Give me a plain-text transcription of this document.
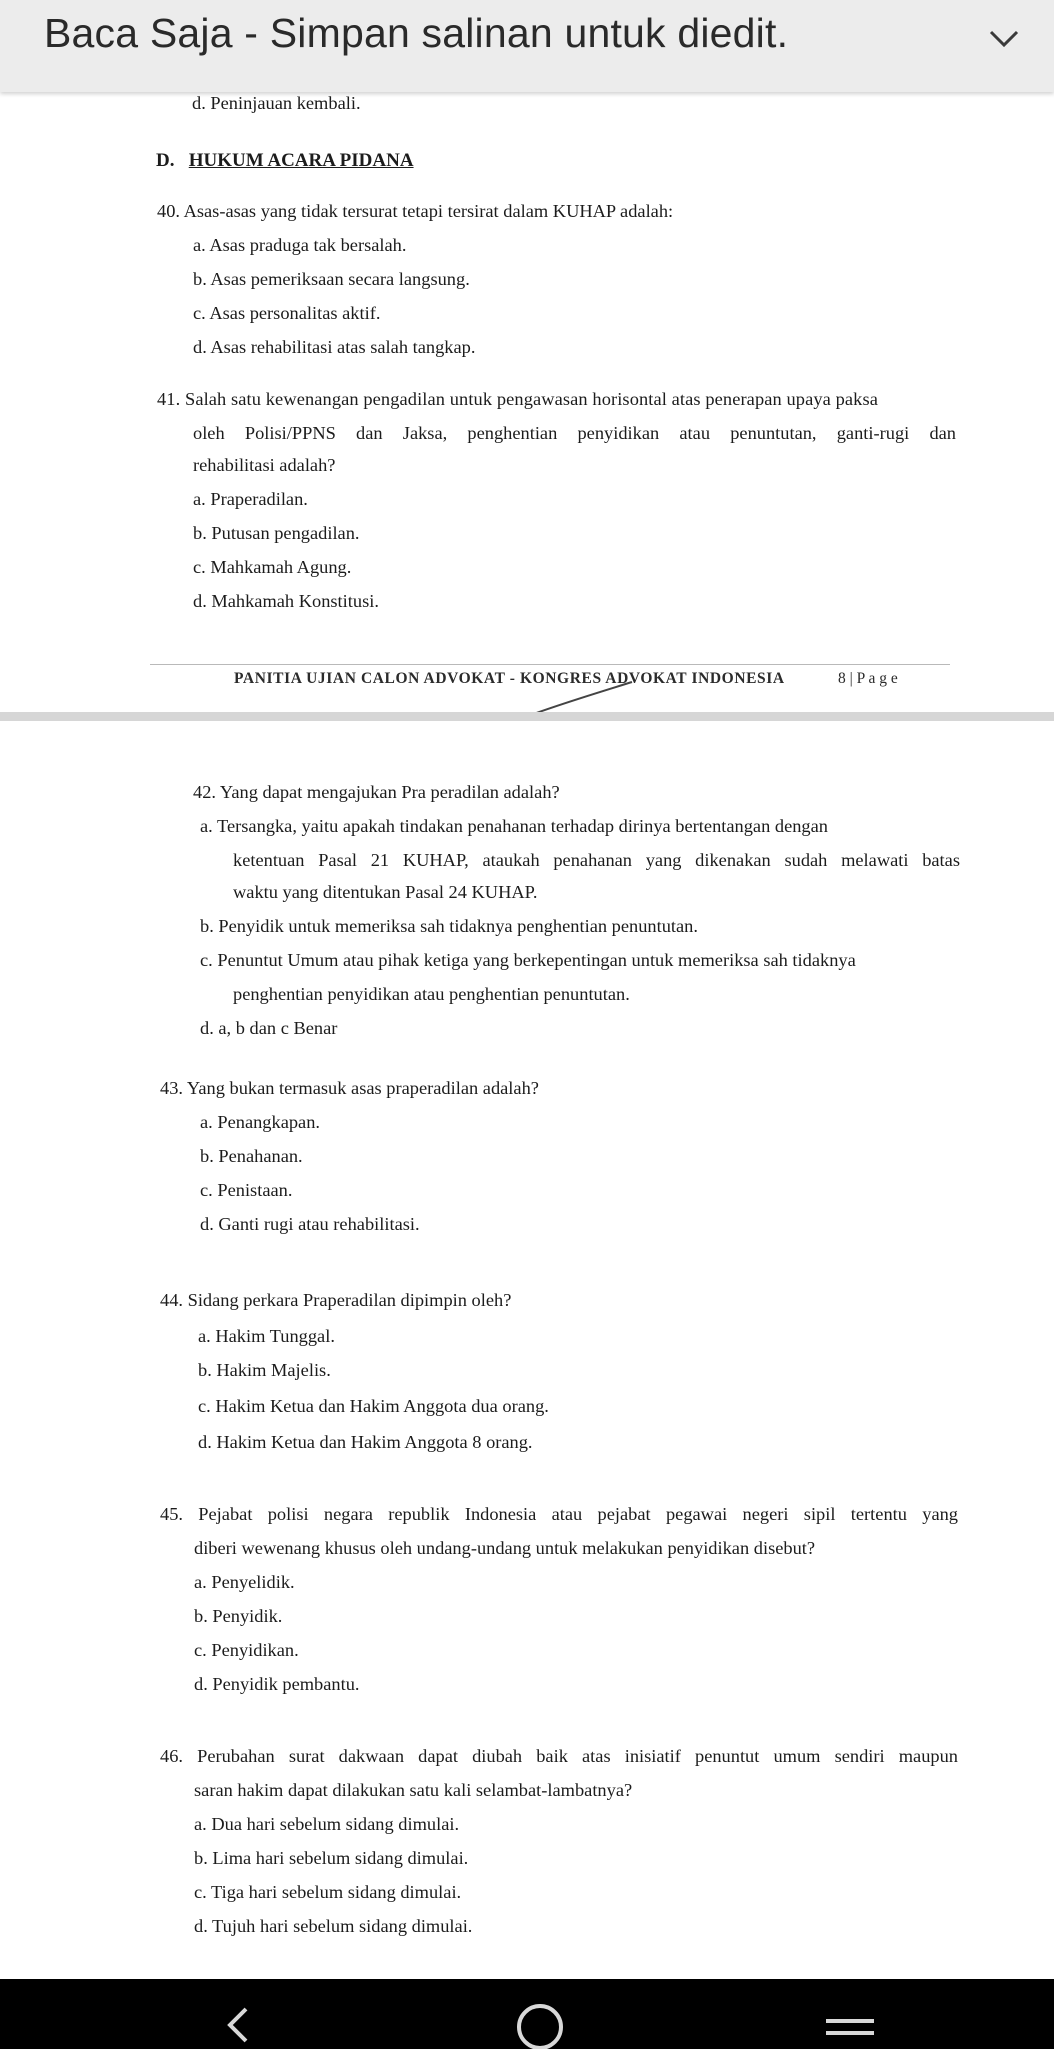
Baca Saja - Simpan salinan untuk diedit.
d. Peninjauan kembali.
D. HUKUM ACARA PIDANA
40. Asas-asas yang tidak tersurat tetapi tersirat dalam KUHAP adalah:
a. Asas praduga tak bersalah.
b. Asas pemeriksaan secara langsung.
c. Asas personalitas aktif.
d. Asas rehabilitasi atas salah tangkap.
41. Salah satu kewenangan pengadilan untuk pengawasan horisontal atas penerapan upaya paksa
oleh Polisi/PPNS dan Jaksa, penghentian penyidikan atau penuntutan, ganti-rugi dan
rehabilitasi adalah?
a. Praperadilan.
b. Putusan pengadilan.
c. Mahkamah Agung.
d. Mahkamah Konstitusi.
PANITIA UJIAN CALON ADVOKAT - KONGRES ADVOKAT INDONESIA	8 | P a g e
42. Yang dapat mengajukan Pra peradilan adalah?
a. Tersangka, yaitu apakah tindakan penahanan terhadap dirinya bertentangan dengan
ketentuan Pasal 21 KUHAP, ataukah penahanan yang dikenakan sudah melawati batas
waktu yang ditentukan Pasal 24 KUHAP.
b. Penyidik untuk memeriksa sah tidaknya penghentian penuntutan.
c. Penuntut Umum atau pihak ketiga yang berkepentingan untuk memeriksa sah tidaknya
penghentian penyidikan atau penghentian penuntutan.
d. a, b dan c Benar
43. Yang bukan termasuk asas praperadilan adalah?
a. Penangkapan.
b. Penahanan.
c. Penistaan.
d. Ganti rugi atau rehabilitasi.
44. Sidang perkara Praperadilan dipimpin oleh?
a. Hakim Tunggal.
b. Hakim Majelis.
c. Hakim Ketua dan Hakim Anggota dua orang.
d. Hakim Ketua dan Hakim Anggota 8 orang.
45. Pejabat polisi negara republik Indonesia atau pejabat pegawai negeri sipil tertentu yang
diberi wewenang khusus oleh undang-undang untuk melakukan penyidikan disebut?
a. Penyelidik.
b. Penyidik.
c. Penyidikan.
d. Penyidik pembantu.
46. Perubahan surat dakwaan dapat diubah baik atas inisiatif penuntut umum sendiri maupun
saran hakim dapat dilakukan satu kali selambat-lambatnya?
a. Dua hari sebelum sidang dimulai.
b. Lima hari sebelum sidang dimulai.
c. Tiga hari sebelum sidang dimulai.
d. Tujuh hari sebelum sidang dimulai.
